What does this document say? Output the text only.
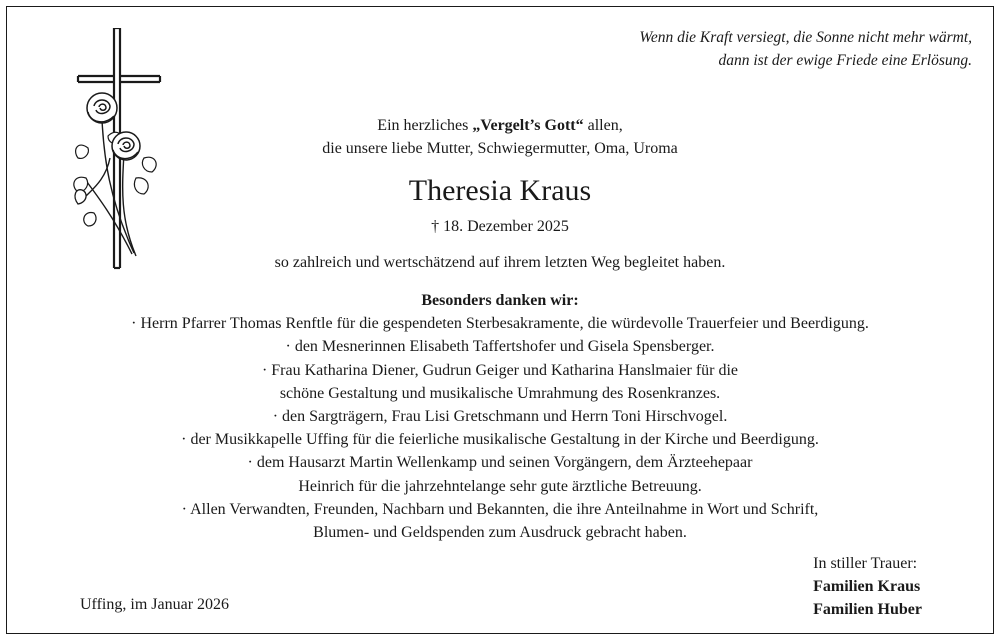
Wenn die Kraft versiegt, die Sonne nicht mehr wärmt,
dann ist der ewige Friede eine Erlösung.
Ein herzliches „Vergelt’s Gott“ allen,
die unsere liebe Mutter, Schwiegermutter, Oma, Uroma
Theresia Kraus
† 18. Dezember 2025
so zahlreich und wertschätzend auf ihrem letzten Weg begleitet haben.
Besonders danken wir:
· Herrn Pfarrer Thomas Renftle für die gespendeten Sterbesakramente, die würdevolle Trauerfeier und Beerdigung.
· den Mesnerinnen Elisabeth Taffertshofer und Gisela Spensberger.
· Frau Katharina Diener, Gudrun Geiger und Katharina Hanslmaier für die
schöne Gestaltung und musikalische Umrahmung des Rosenkranzes.
· den Sargträgern, Frau Lisi Gretschmann und Herrn Toni Hirschvogel.
· der Musikkapelle Uffing für die feierliche musikalische Gestaltung in der Kirche und Beerdigung.
· dem Hausarzt Martin Wellenkamp und seinen Vorgängern, dem Ärzteehepaar
Heinrich für die jahrzehntelange sehr gute ärztliche Betreuung.
· Allen Verwandten, Freunden, Nachbarn und Bekannten, die ihre Anteilnahme in Wort und Schrift,
Blumen- und Geldspenden zum Ausdruck gebracht haben.
Uffing, im Januar 2026
In stiller Trauer:
Familien Kraus
Familien Huber
